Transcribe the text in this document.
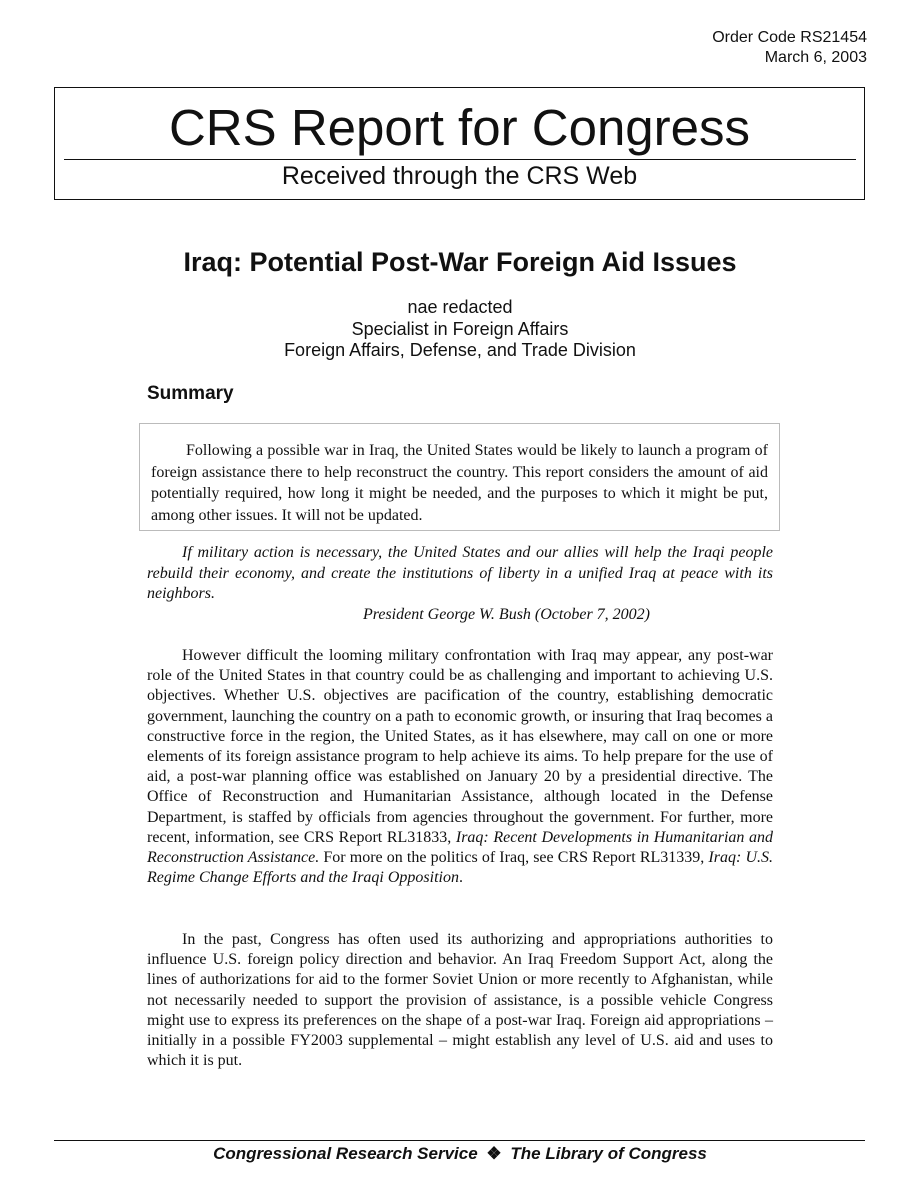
Order Code RS21454
March 6, 2003
CRS Report for Congress
Received through the CRS Web
Iraq: Potential Post-War Foreign Aid Issues
nae redacted
Specialist in Foreign Affairs
Foreign Affairs, Defense, and Trade Division
Summary

Following a possible war in Iraq, the United States would be likely to launch a program of foreign assistance there to help reconstruct the country. This report considers the amount of aid potentially required, how long it might be needed, and the purposes to which it might be put, among other issues. It will not be updated.

If military action is necessary, the United States and our allies will help the Iraqi people rebuild their economy, and create the institutions of liberty in a unified Iraq at peace with its neighbors.

President George W. Bush (October 7, 2002)

However difficult the looming military confrontation with Iraq may appear, any post-war role of the United States in that country could be as challenging and important to achieving U.S. objectives. Whether U.S. objectives are pacification of the country, establishing democratic government, launching the country on a path to economic growth, or insuring that Iraq becomes a constructive force in the region, the United States, as it has elsewhere, may call on one or more elements of its foreign assistance program to help achieve its aims. To help prepare for the use of aid, a post-war planning office was established on January 20 by a presidential directive. The Office of Reconstruction and Humanitarian Assistance, although located in the Defense Department, is staffed by officials from agencies throughout the government. For further, more recent, information, see CRS Report RL31833, Iraq: Recent Developments in Humanitarian and Reconstruction Assistance. For more on the politics of Iraq, see CRS Report RL31339, Iraq: U.S. Regime Change Efforts and the Iraqi Opposition.

In the past, Congress has often used its authorizing and appropriations authorities to influence U.S. foreign policy direction and behavior. An Iraq Freedom Support Act, along the lines of authorizations for aid to the former Soviet Union or more recently to Afghanistan, while not necessarily needed to support the provision of assistance, is a possible vehicle Congress might use to express its preferences on the shape of a post-war Iraq. Foreign aid appropriations – initially in a possible FY2003 supplemental – might establish any level of U.S. aid and uses to which it is put.

Congressional Research Service ❖ The Library of Congress
